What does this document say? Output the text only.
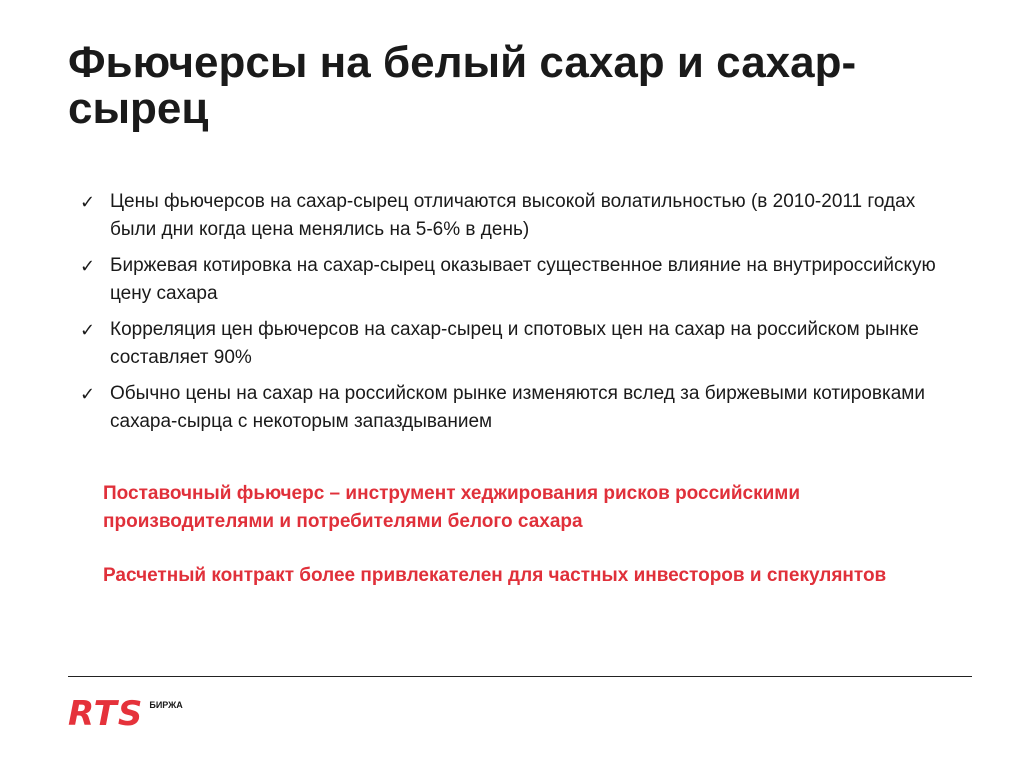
Фьючерсы на белый сахар и сахар-сырец
✓ Цены фьючерсов на сахар-сырец отличаются высокой волатильностью (в 2010-2011 годах были дни когда цена менялись на 5-6% в день)
✓ Биржевая котировка на сахар-сырец оказывает существенное влияние на внутрироссийскую цену сахара
✓ Корреляция цен фьючерсов на сахар-сырец и спотовых цен на сахар на российском рынке составляет 90%
✓ Обычно цены на сахар на российском рынке изменяются вслед за биржевыми котировками сахара-сырца с некоторым запаздыванием

Поставочный фьючерс – инструмент хеджирования рисков российскими производителями и потребителями белого сахара

Расчетный контракт более привлекателен для частных инвесторов и спекулянтов

RTS БИРЖА
